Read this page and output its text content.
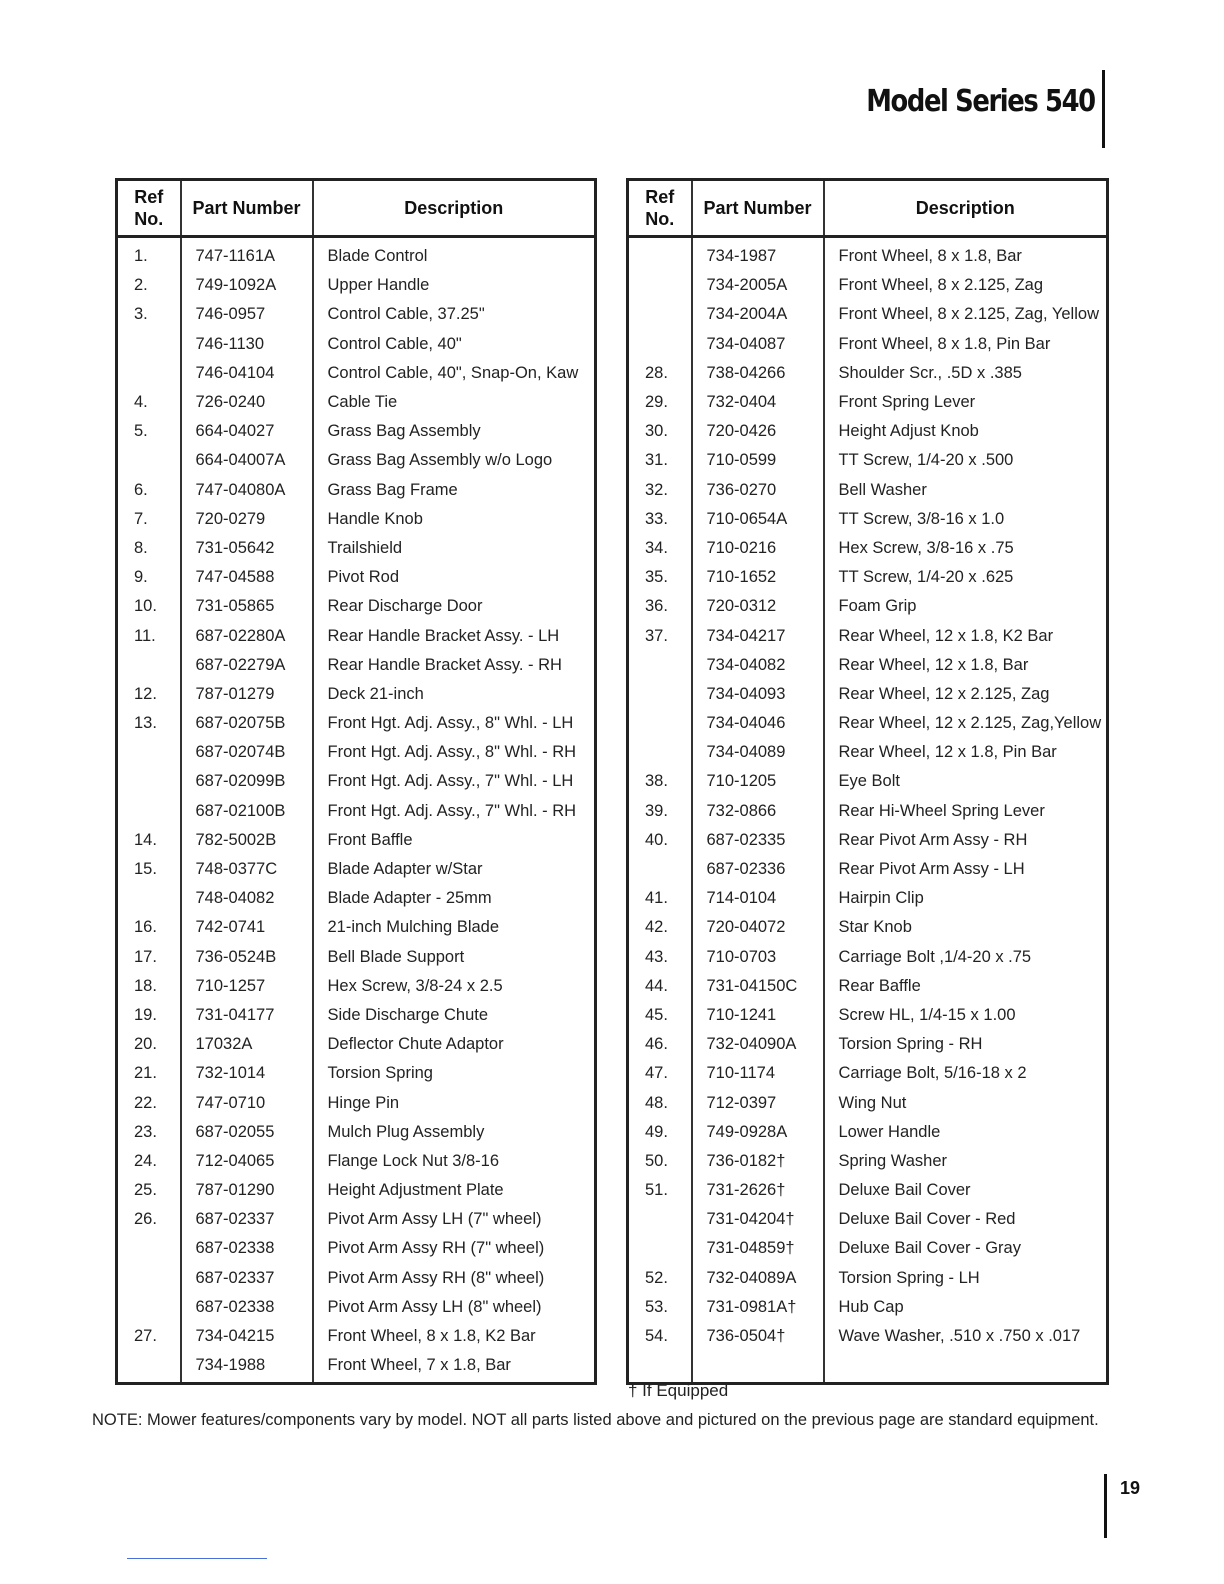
Model Series 540
Ref No.	Part Number	Description
1.	747-1161A	Blade Control
2.	749-1092A	Upper Handle
3.	746-0957	Control Cable, 37.25"
	746-1130	Control Cable, 40"
	746-04104	Control Cable, 40", Snap-On, Kaw
4.	726-0240	Cable Tie
5.	664-04027	Grass Bag Assembly
	664-04007A	Grass Bag Assembly w/o Logo
6.	747-04080A	Grass Bag Frame
7.	720-0279	Handle Knob
8.	731-05642	Trailshield
9.	747-04588	Pivot Rod
10.	731-05865	Rear Discharge Door
11.	687-02280A	Rear Handle Bracket Assy. - LH
	687-02279A	Rear Handle Bracket Assy. - RH
12.	787-01279	Deck 21-inch
13.	687-02075B	Front Hgt. Adj. Assy., 8" Whl. - LH
	687-02074B	Front Hgt. Adj. Assy., 8" Whl. - RH
	687-02099B	Front Hgt. Adj. Assy., 7" Whl. - LH
	687-02100B	Front Hgt. Adj. Assy., 7" Whl. - RH
14.	782-5002B	Front Baffle
15.	748-0377C	Blade Adapter w/Star
	748-04082	Blade Adapter - 25mm
16.	742-0741	21-inch Mulching Blade
17.	736-0524B	Bell Blade Support
18.	710-1257	Hex Screw, 3/8-24 x 2.5
19.	731-04177	Side Discharge Chute
20.	17032A	Deflector Chute Adaptor
21.	732-1014	Torsion Spring
22.	747-0710	Hinge Pin
23.	687-02055	Mulch Plug Assembly
24.	712-04065	Flange Lock Nut 3/8-16
25.	787-01290	Height Adjustment Plate
26.	687-02337	Pivot Arm Assy LH (7" wheel)
	687-02338	Pivot Arm Assy RH (7" wheel)
	687-02337	Pivot Arm Assy RH (8" wheel)
	687-02338	Pivot Arm Assy LH (8" wheel)
27.	734-04215	Front Wheel, 8 x 1.8, K2 Bar
	734-1988	Front Wheel, 7 x 1.8, Bar
Ref No.	Part Number	Description
	734-1987	Front Wheel, 8 x 1.8, Bar
	734-2005A	Front Wheel, 8 x 2.125, Zag
	734-2004A	Front Wheel, 8 x 2.125, Zag, Yellow
	734-04087	Front Wheel, 8 x 1.8, Pin Bar
28.	738-04266	Shoulder Scr., .5D x .385
29.	732-0404	Front Spring Lever
30.	720-0426	Height Adjust Knob
31.	710-0599	TT Screw, 1/4-20 x .500
32.	736-0270	Bell Washer
33.	710-0654A	TT Screw, 3/8-16 x 1.0
34.	710-0216	Hex Screw, 3/8-16 x .75
35.	710-1652	TT Screw, 1/4-20 x .625
36.	720-0312	Foam Grip
37.	734-04217	Rear Wheel, 12 x 1.8, K2 Bar
	734-04082	Rear Wheel, 12 x 1.8, Bar
	734-04093	Rear Wheel, 12 x 2.125, Zag
	734-04046	Rear Wheel, 12 x 2.125, Zag,Yellow
	734-04089	Rear Wheel, 12 x 1.8, Pin Bar
38.	710-1205	Eye Bolt
39.	732-0866	Rear Hi-Wheel Spring Lever
40.	687-02335	Rear Pivot Arm Assy - RH
	687-02336	Rear Pivot Arm Assy - LH
41.	714-0104	Hairpin Clip
42.	720-04072	Star Knob
43.	710-0703	Carriage Bolt ,1/4-20 x .75
44.	731-04150C	Rear Baffle
45.	710-1241	Screw HL, 1/4-15 x 1.00
46.	732-04090A	Torsion Spring - RH
47.	710-1174	Carriage Bolt, 5/16-18 x 2
48.	712-0397	Wing Nut
49.	749-0928A	Lower Handle
50.	736-0182†	Spring Washer
51.	731-2626†	Deluxe Bail Cover
	731-04204†	Deluxe Bail Cover - Red
	731-04859†	Deluxe Bail Cover - Gray
52.	732-04089A	Torsion Spring - LH
53.	731-0981A†	Hub Cap
54.	736-0504†	Wave Washer, .510 x .750 x .017

† If Equipped
NOTE: Mower features/components vary by model. NOT all parts listed above and pictured on the previous page are standard equipment.
19
